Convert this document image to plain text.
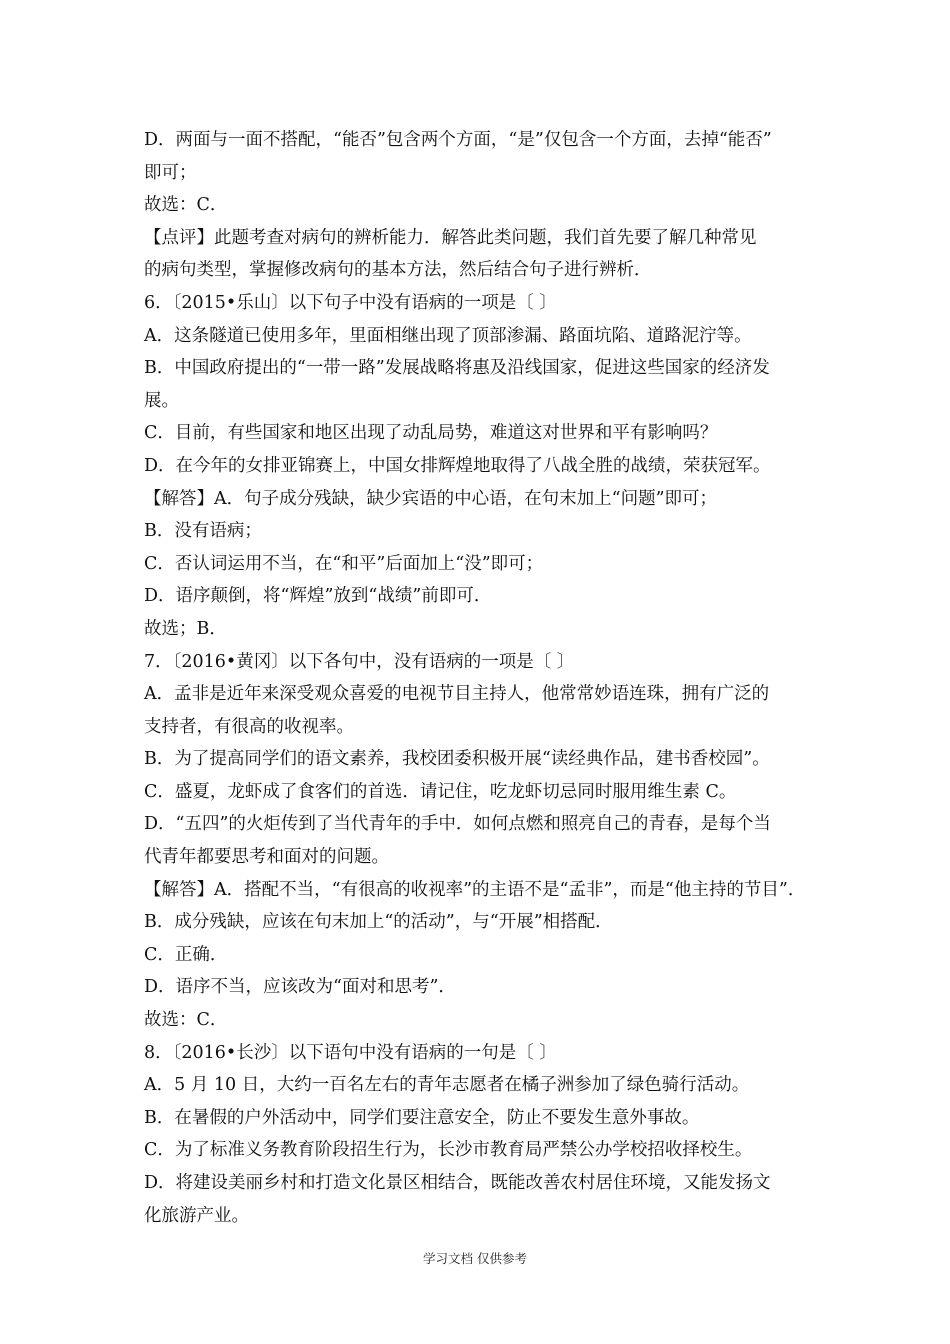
D．两面与一面不搭配，“能否”包含两个方面，“是”仅包含一个方面，去掉“能否”
即可；
故选：C．
【点评】此题考查对病句的辨析能力．解答此类问题，我们首先要了解几种常见
的病句类型，掌握修改病句的基本方法，然后结合句子进行辨析．
6．〔2015•乐山〕以下句子中没有语病的一项是〔 〕
A．这条隧道已使用多年，里面相继出现了顶部渗漏、路面坑陷、道路泥泞等。
B．中国政府提出的“一带一路”发展战略将惠及沿线国家，促进这些国家的经济发
展。
C．目前，有些国家和地区出现了动乱局势，难道这对世界和平有影响吗？
D．在今年的女排亚锦赛上，中国女排辉煌地取得了八战全胜的战绩，荣获冠军。
【解答】A．句子成分残缺，缺少宾语的中心语，在句末加上“问题”即可；
B．没有语病；
C．否认词运用不当，在“和平”后面加上“没”即可；
D．语序颠倒，将“辉煌”放到“战绩”前即可．
故选；B．
7．〔2016•黄冈〕以下各句中，没有语病的一项是〔 〕
A．孟非是近年来深受观众喜爱的电视节目主持人，他常常妙语连珠，拥有广泛的
支持者，有很高的收视率。
B．为了提高同学们的语文素养，我校团委积极开展“读经典作品，建书香校园”。
C．盛夏，龙虾成了食客们的首选．请记住，吃龙虾切忌同时服用维生素 C。
D．“五四”的火炬传到了当代青年的手中．如何点燃和照亮自己的青春，是每个当
代青年都要思考和面对的问题。
【解答】A．搭配不当，“有很高的收视率”的主语不是“孟非”，而是“他主持的节目”．
B．成分残缺，应该在句末加上“的活动”，与“开展”相搭配．
C．正确．
D．语序不当，应该改为“面对和思考”．
故选：C．
8．〔2016•长沙〕以下语句中没有语病的一句是〔 〕
A．5 月 10 日，大约一百名左右的青年志愿者在橘子洲参加了绿色骑行活动。
B．在暑假的户外活动中，同学们要注意安全，防止不要发生意外事故。
C．为了标准义务教育阶段招生行为，长沙市教育局严禁公办学校招收择校生。
D．将建设美丽乡村和打造文化景区相结合，既能改善农村居住环境，又能发扬文
化旅游产业。
学习文档 仅供参考
